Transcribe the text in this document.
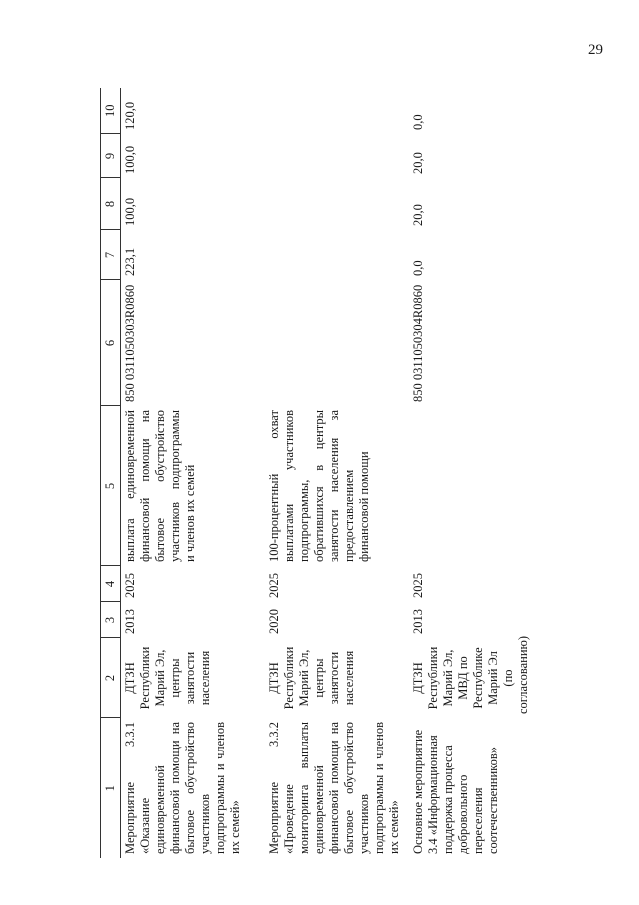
29
1	2	3	4	5	6	7	8	9	10
Мероприятие 3.3.1 «Оказание единовременной финансовой помощи на бытовое обустройство участников подпрограммы и членов их семей»	ДТЗН Республики Марий Эл, центры занятости населения	2013	2025	выплата единовременной финансовой помощи на бытовое обустройство участников подпрограммы и членов их семей	850 0311050303R0860	223,1	100,0	100,0	120,0
Мероприятие 3.3.2 «Проведение мониторинга выплаты единовременной финансовой помощи на бытовое обустройство участников подпрограммы и членов их семей»	ДТЗН Республики Марий Эл, центры занятости населения	2020	2025	100-процентный охват выплатами участников подпрограммы, обратившихся в центры занятости населения за предоставлением финансовой помощи					
Основное мероприятие 3.4 «Информационная поддержка процесса добровольного переселения соотечественников»	ДТЗН Республики Марий Эл, МВД по Республике Марий Эл (по согласованию)	2013	2025		850 0311050304R0860	0,0	20,0	20,0	0,0
